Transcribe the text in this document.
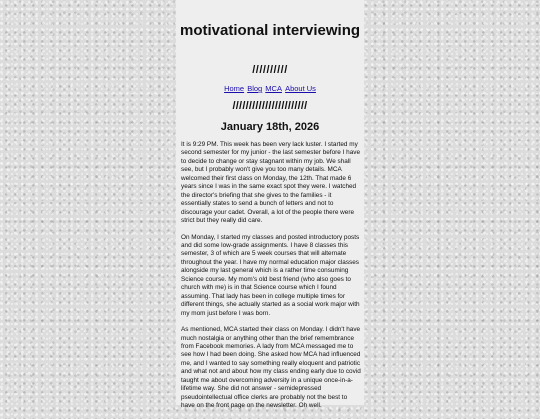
motivational interviewing
//////////
Home Blog MCA About Us
///////////////////////
January 18th, 2026

It is 9:29 PM. This week has been very lack luster. I started my second semester for my junior - the last semester before I have to decide to change or stay stagnant within my job. We shall see, but I probably won't give you too many details. MCA welcomed their first class on Monday, the 12th. That made 6 years since I was in the same exact spot they were. I watched the director's briefing that she gives to the families - it essentially states to send a bunch of letters and not to discourage your cadet. Overall, a lot of the people there were strict but they really did care.

On Monday, I started my classes and posted introductory posts and did some low-grade assignments. I have 8 classes this semester, 3 of which are 5 week courses that will alternate throughout the year. I have my normal education major classes alongside my last general which is a rather time consuming Science course. My mom's old best friend (who also goes to church with me) is in that Science course which I found assuming. That lady has been in college multiple times for different things, she actually started as a social work major with my mom just before I was born.

As mentioned, MCA started their class on Monday. I didn't have much nostalgia or anything other than the brief remembrance from Facebook memories. A lady from MCA messaged me to see how I had been doing. She asked how MCA had influenced me, and I wanted to say something really eloquent and patriotic and what not and about how my class ending early due to covid taught me about overcoming adversity in a unique once-in-a-lifetime way. She did not answer - semidepressed pseudointellectual office clerks are probably not the best to have on the front page on the newsletter. Oh well.
